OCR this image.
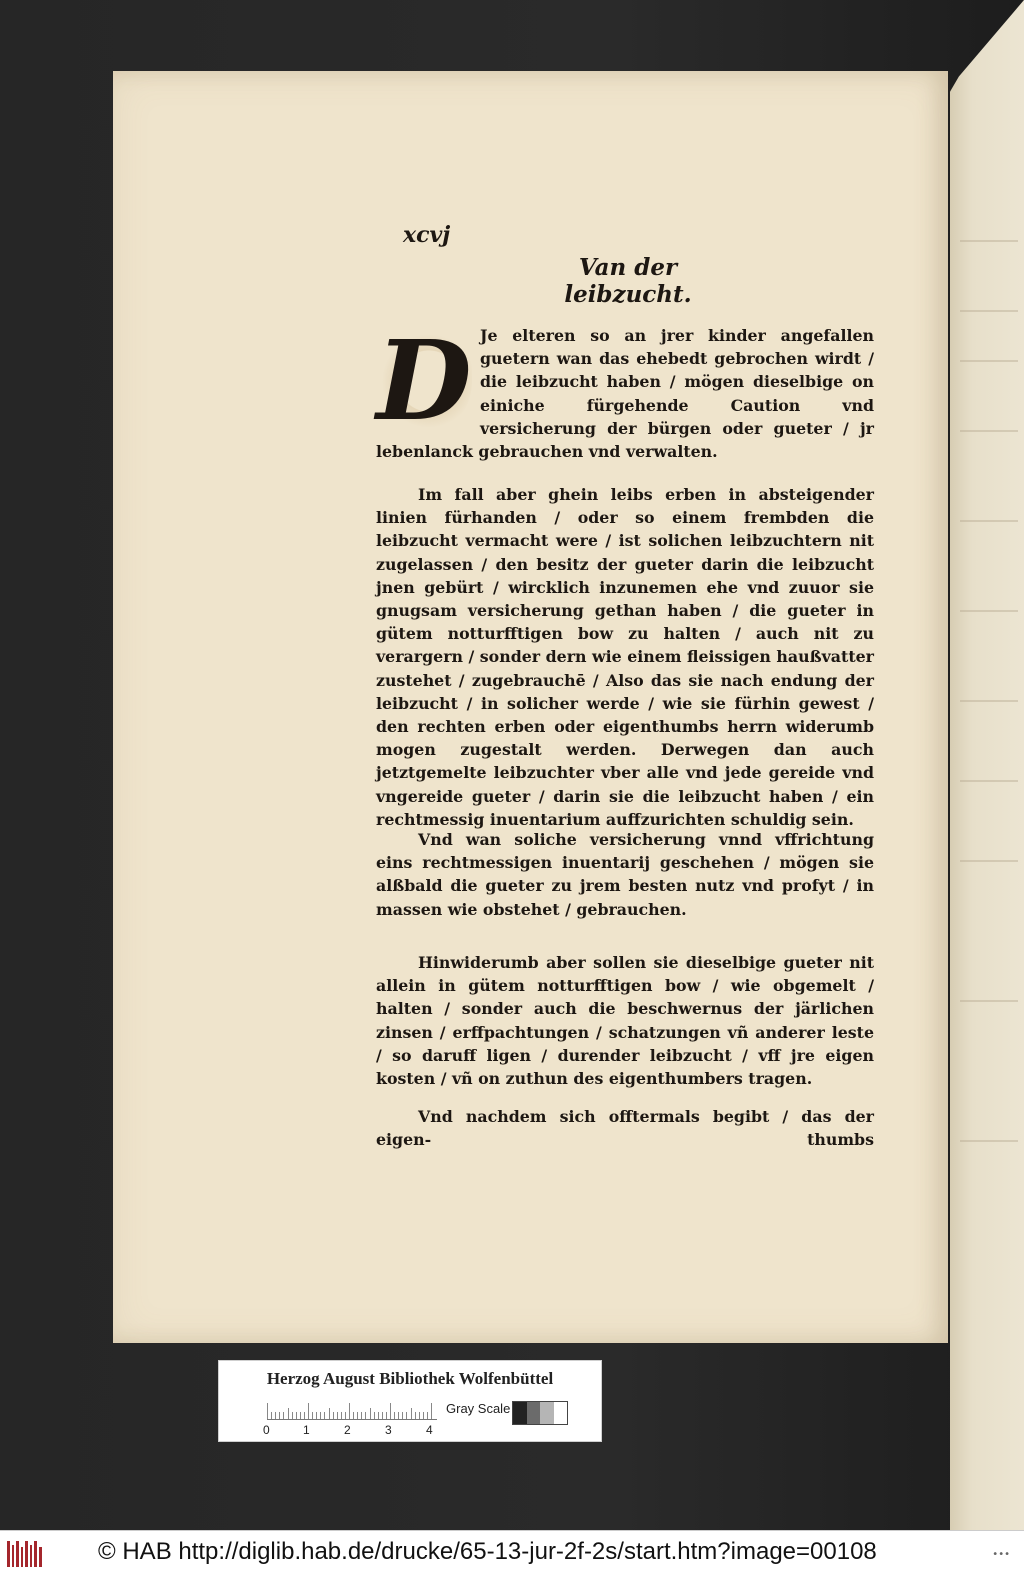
xcvj
Van der leibzucht.
D Je elteren so an jrer kinder angefallen guetern wan das ehebedt gebrochen wirdt / die leibzucht haben / mögen dieselbige on einiche fürgehende Caution vnd versicherung der bürgen oder gueter / jr lebenlanck gebrauchen vnd verwalten.

Im fall aber ghein leibs erben in absteigender linien fürhanden / oder so einem frembden die leibzucht vermacht were / ist solichen leibzuchtern nit zugelassen / den besitz der gueter darin die leibzucht jnen gebürt / wircklich inzunemen ehe vnd zuuor sie gnugsam versicherung gethan haben / die gueter in gütem notturfftigen bow zu halten / auch nit zu verargern / sonder dern wie einem fleissigen haußvatter zustehet / zugebrauchē / Also das sie nach endung der leibzucht / in solicher werde / wie sie fürhin gewest / den rechten erben oder eigenthumbs herrn widerumb mogen zugestalt werden. Derwegen dan auch jetztgemelte leibzuchter vber alle vnd jede gereide vnd vngereide gueter / darin sie die leibzucht haben / ein rechtmessig inuentarium auffzurichten schuldig sein.

Vnd wan soliche versicherung vnnd vffrichtung eins rechtmessigen inuentarij geschehen / mögen sie alßbald die gueter zu jrem besten nutz vnd profyt / in massen wie obstehet / gebrauchen.

Hinwiderumb aber sollen sie dieselbige gueter nit allein in gütem notturfftigen bow / wie obgemelt / halten / sonder auch die beschwernus der järlichen zinsen / erffpachtungen / schatzungen vñ anderer leste / so daruff ligen / durender leibzucht / vff jre eigen kosten / vñ on zuthun des eigenthumbers tragen.

Vnd nachdem sich offtermals begibt / das der eigen-	thumbs
Herzog August Bibliothek Wolfenbüttel
0	1	2	3	4
Gray Scale
© HAB http://diglib.hab.de/drucke/65-13-jur-2f-2s/start.htm?image=00108	•••
